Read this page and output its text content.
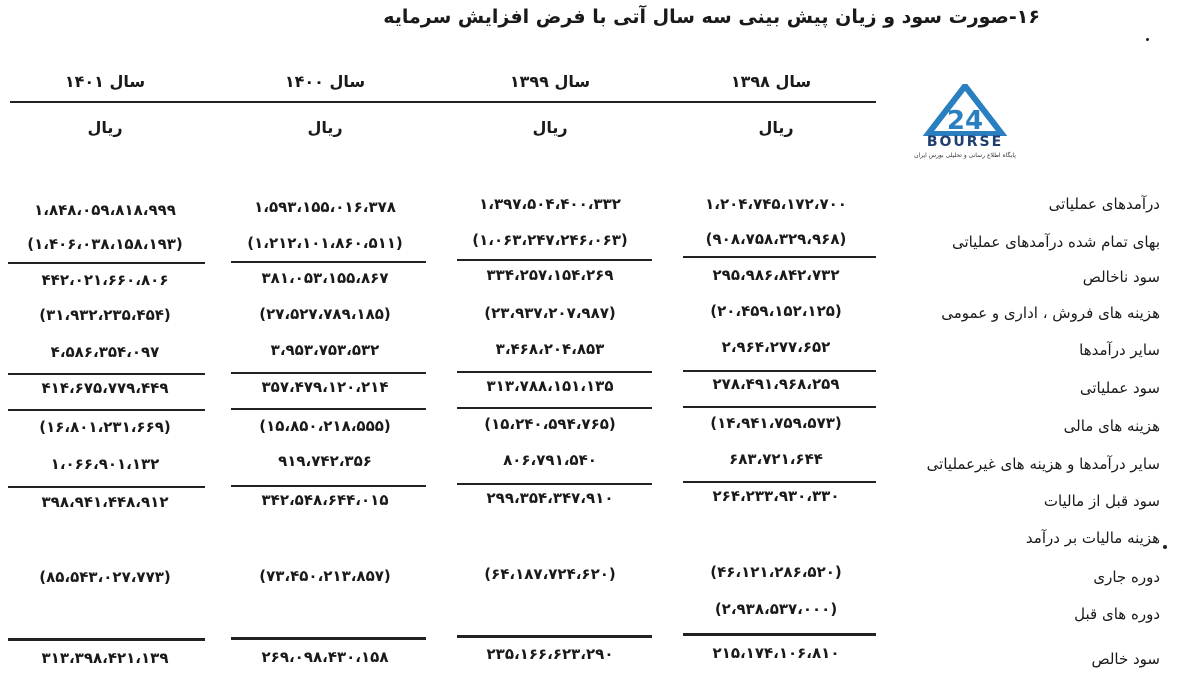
۱۶-صورت سود و زیان پیش بینی سه سال آتی با فرض افزایش سرمایه
سال ۱۳۹۸
سال ۱۳۹۹
سال ۱۴۰۰
سال ۱۴۰۱
ریال
ریال
ریال
ریال	24
BOURSE
پایگاه اطلاع رسانی و تحلیلی بورس ایران
درآمدهای عملیاتی
بهای تمام شده درآمدهای عملیاتی
سود ناخالص
هزینه های فروش ، اداری و عمومی
سایر درآمدها
سود عملیاتی
هزینه های مالی
سایر درآمدها و هزینه های غیرعملیاتی
سود قبل از مالیات
هزینه مالیات بر درآمد
دوره جاری
دوره های قبل
سود خالص
۱،۲۰۴،۷۴۵،۱۷۲،۷۰۰
۱،۳۹۷،۵۰۴،۴۰۰،۳۳۲
۱،۵۹۳،۱۵۵،۰۱۶،۳۷۸
۱،۸۴۸،۰۵۹،۸۱۸،۹۹۹
(۹۰۸،۷۵۸،۳۲۹،۹۶۸)
(۱،۰۶۳،۲۴۷،۲۴۶،۰۶۳)
(۱،۲۱۲،۱۰۱،۸۶۰،۵۱۱)
(۱،۴۰۶،۰۳۸،۱۵۸،۱۹۳)
۲۹۵،۹۸۶،۸۴۲،۷۳۲
۳۳۴،۲۵۷،۱۵۴،۲۶۹
۳۸۱،۰۵۳،۱۵۵،۸۶۷
۴۴۲،۰۲۱،۶۶۰،۸۰۶
(۲۰،۴۵۹،۱۵۲،۱۲۵)
(۲۳،۹۳۷،۲۰۷،۹۸۷)
(۲۷،۵۲۷،۷۸۹،۱۸۵)
(۳۱،۹۳۲،۲۳۵،۴۵۴)
۲،۹۶۴،۲۷۷،۶۵۲
۳،۴۶۸،۲۰۴،۸۵۳
۳،۹۵۳،۷۵۳،۵۳۲
۴،۵۸۶،۳۵۴،۰۹۷
۲۷۸،۴۹۱،۹۶۸،۲۵۹
۳۱۳،۷۸۸،۱۵۱،۱۳۵
۳۵۷،۴۷۹،۱۲۰،۲۱۴
۴۱۴،۶۷۵،۷۷۹،۴۴۹
(۱۴،۹۴۱،۷۵۹،۵۷۳)
(۱۵،۲۴۰،۵۹۴،۷۶۵)
(۱۵،۸۵۰،۲۱۸،۵۵۵)
(۱۶،۸۰۱،۲۳۱،۶۶۹)
۶۸۳،۷۲۱،۶۴۴
۸۰۶،۷۹۱،۵۴۰
۹۱۹،۷۴۲،۳۵۶
۱،۰۶۶،۹۰۱،۱۳۲
۲۶۴،۲۳۳،۹۳۰،۳۳۰
۲۹۹،۳۵۴،۳۴۷،۹۱۰
۳۴۲،۵۴۸،۶۴۴،۰۱۵
۳۹۸،۹۴۱،۴۴۸،۹۱۲
(۴۶،۱۲۱،۲۸۶،۵۲۰)
(۶۴،۱۸۷،۷۲۴،۶۲۰)
(۷۳،۴۵۰،۲۱۳،۸۵۷)
(۸۵،۵۴۳،۰۲۷،۷۷۳)
(۲،۹۳۸،۵۳۷،۰۰۰)
۲۱۵،۱۷۴،۱۰۶،۸۱۰
۲۳۵،۱۶۶،۶۲۳،۲۹۰
۲۶۹،۰۹۸،۴۳۰،۱۵۸
۳۱۳،۳۹۸،۴۲۱،۱۳۹
